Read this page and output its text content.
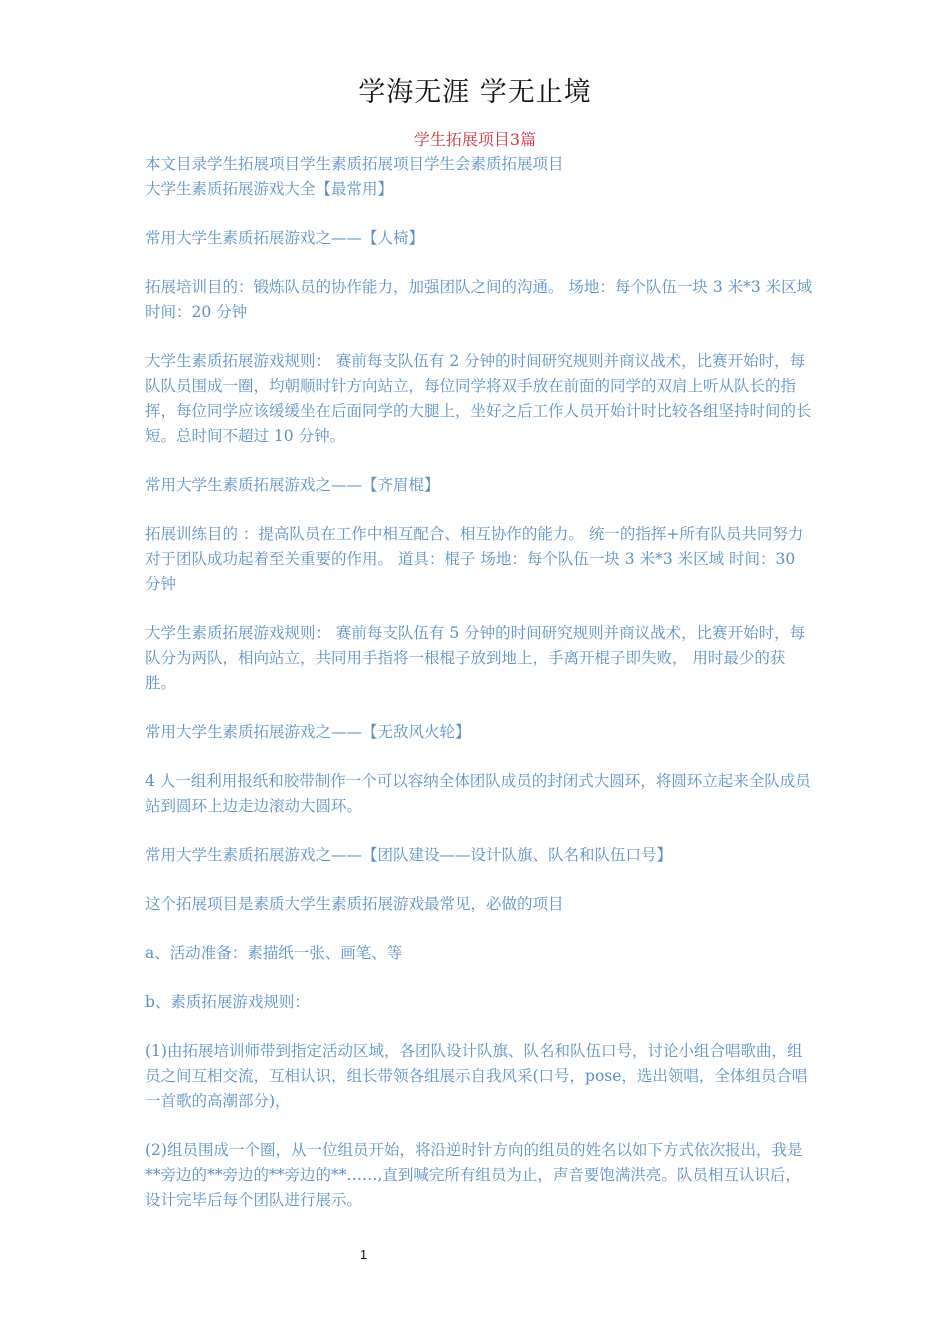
学海无涯 学无止境
学生拓展项目3篇

本文目录学生拓展项目学生素质拓展项目学生会素质拓展项目

大学生素质拓展游戏大全【最常用】

常用大学生素质拓展游戏之——【人椅】

拓展培训目的：锻炼队员的协作能力，加强团队之间的沟通。 场地：每个队伍一块 3 米*3 米区域 时间：20 分钟

大学生素质拓展游戏规则： 赛前每支队伍有 2 分钟的时间研究规则并商议战术，比赛开始时，每队队员围成一圈，均朝顺时针方向站立，每位同学将双手放在前面的同学的双肩上听从队长的指挥，每位同学应该缓缓坐在后面同学的大腿上，坐好之后工作人员开始计时比较各组坚持时间的长短。总时间不超过 10 分钟。

常用大学生素质拓展游戏之——【齐眉棍】

拓展训练目的 ：提高队员在工作中相互配合、相互协作的能力。 统一的指挥+所有队员共同努力对于团队成功起着至关重要的作用。 道具：棍子 场地：每个队伍一块 3 米*3 米区域 时间：30 分钟

大学生素质拓展游戏规则： 赛前每支队伍有 5 分钟的时间研究规则并商议战术，比赛开始时，每队分为两队，相向站立，共同用手指将一根棍子放到地上，手离开棍子即失败， 用时最少的获胜。

常用大学生素质拓展游戏之——【无敌风火轮】

4 人一组利用报纸和胶带制作一个可以容纳全体团队成员的封闭式大圆环，将圆环立起来全队成员站到圆环上边走边滚动大圆环。

常用大学生素质拓展游戏之——【团队建设——设计队旗、队名和队伍口号】

这个拓展项目是素质大学生素质拓展游戏最常见，必做的项目

a、活动准备：素描纸一张、画笔、等

b、素质拓展游戏规则：

(1)由拓展培训师带到指定活动区域，各团队设计队旗、队名和队伍口号，讨论小组合唱歌曲，组员之间互相交流，互相认识，组长带领各组展示自我风采(口号，pose，选出领唱，全体组员合唱一首歌的高潮部分)，

(2)组员围成一个圈，从一位组员开始，将沿逆时针方向的组员的姓名以如下方式依次报出，我是**旁边的**旁边的**旁边的**……,直到喊完所有组员为止，声音要饱满洪亮。队员相互认识后，设计完毕后每个团队进行展示。

1
